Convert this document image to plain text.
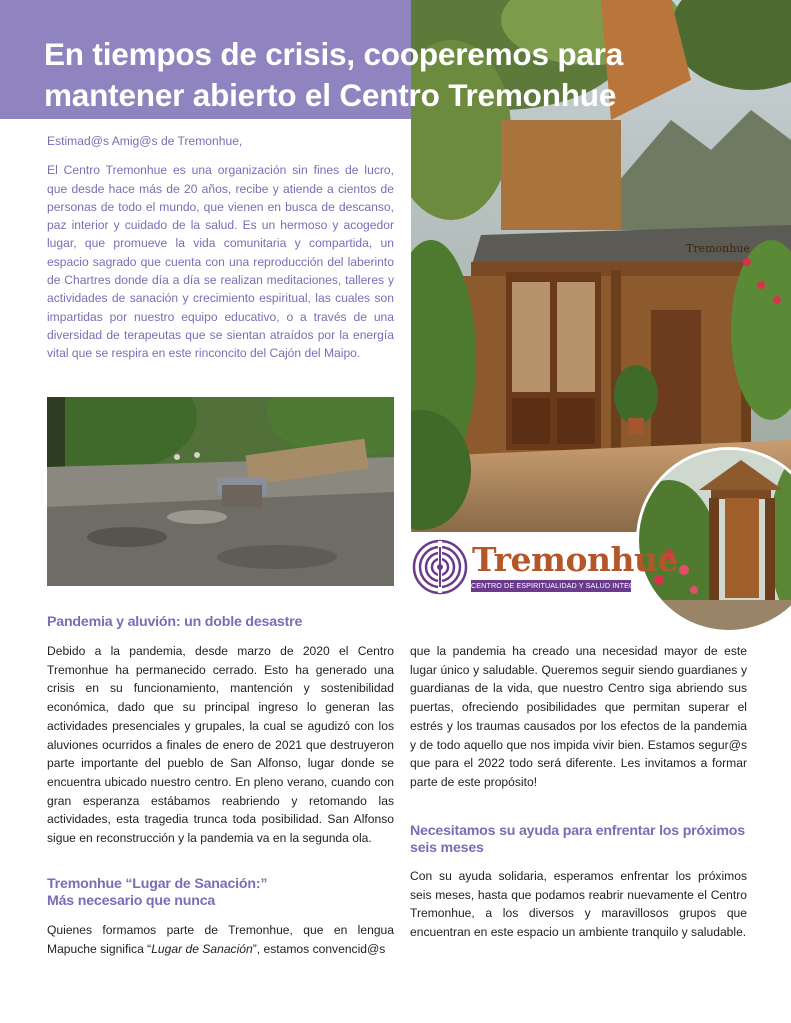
Tremonhue
En tiempos de crisis, cooperemos para
mantener abierto el Centro Tremonhue

Estimad@s Amig@s de Tremonhue,

El Centro Tremonhue es una organización sin fines de lucro, que desde hace más de 20 años, recibe y atiende a cientos de personas de todo el mundo, que vienen en busca de descanso, paz interior y cuidado de la salud. Es un hermoso y acogedor lugar, que promueve la vida comunitaria y compartida, un espacio sagrado que cuenta con una reproducción del laberinto de Chartres donde día a día se realizan meditaciones, talleres y actividades de sanación y crecimiento espiritual, las cuales son impartidas por nuestro equipo educativo, o a través de una diversidad de terapeutas que se sientan atraídos por la energía vital que se respira en este rinconcito del Cajón del Maipo.

Tremonhue
CENTRO DE ESPIRITUALIDAD Y SALUD INTEGRAL
Pandemia y aluvión: un doble desastre

Debido a la pandemia, desde marzo de 2020 el Centro Tremonhue ha permanecido cerrado. Esto ha generado una crisis en su funcionamiento, mantención y sostenibilidad económica, dado que su principal ingreso lo generan las actividades presenciales y grupales, la cual se agudizó con los aluviones ocurridos a finales de enero de 2021 que destruyeron parte importante del pueblo de San Alfonso, lugar donde se encuentra ubicado nuestro centro. En pleno verano, cuando con gran esperanza estábamos reabriendo y retomando las actividades, esta tragedia trunca toda posibilidad. San Alfonso sigue en reconstrucción y la pandemia va en la segunda ola.

Tremonhue “Lugar de Sanación:”
Más necesario que nunca

Quienes formamos parte de Tremonhue, que en lengua Mapuche significa “Lugar de Sanación”, estamos convencid@s

que la pandemia ha creado una necesidad mayor de este lugar único y saludable. Queremos seguir siendo guardianes y guardianas de la vida, que nuestro Centro siga abriendo sus puertas, ofreciendo posibilidades que permitan superar el estrés y los traumas causados por los efectos de la pandemia y de todo aquello que nos impida vivir bien. Estamos segur@s que para el 2022 todo será diferente. Les invitamos a formar parte de este propósito!

Necesitamos su ayuda para enfrentar los próximos
seis meses

Con su ayuda solidaria, esperamos enfrentar los próximos seis meses, hasta que podamos reabrir nuevamente el Centro Tremonhue, a los diversos y maravillosos grupos que encuentran en este espacio un ambiente tranquilo y saludable.
